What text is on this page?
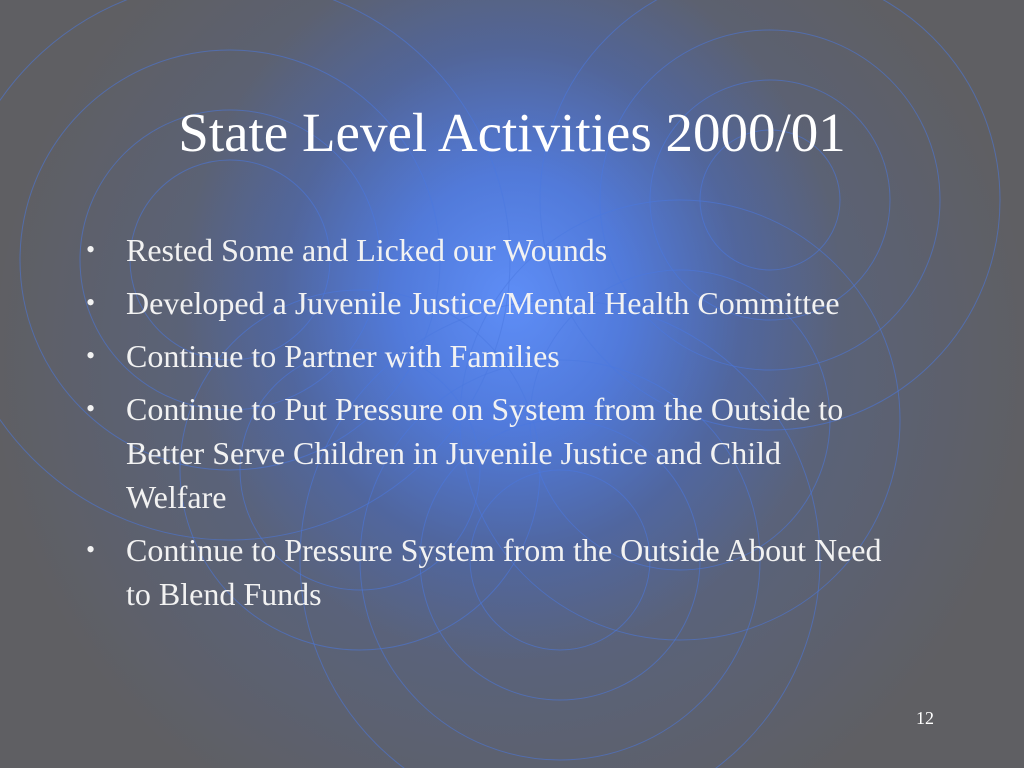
State Level Activities 2000/01
• Rested Some and Licked our Wounds
• Developed a Juvenile Justice/Mental Health Committee
• Continue to Partner with Families
• Continue to Put Pressure on System from the Outside to Better Serve Children in Juvenile Justice and Child Welfare
• Continue to Pressure System from the Outside About Need to Blend Funds
12
